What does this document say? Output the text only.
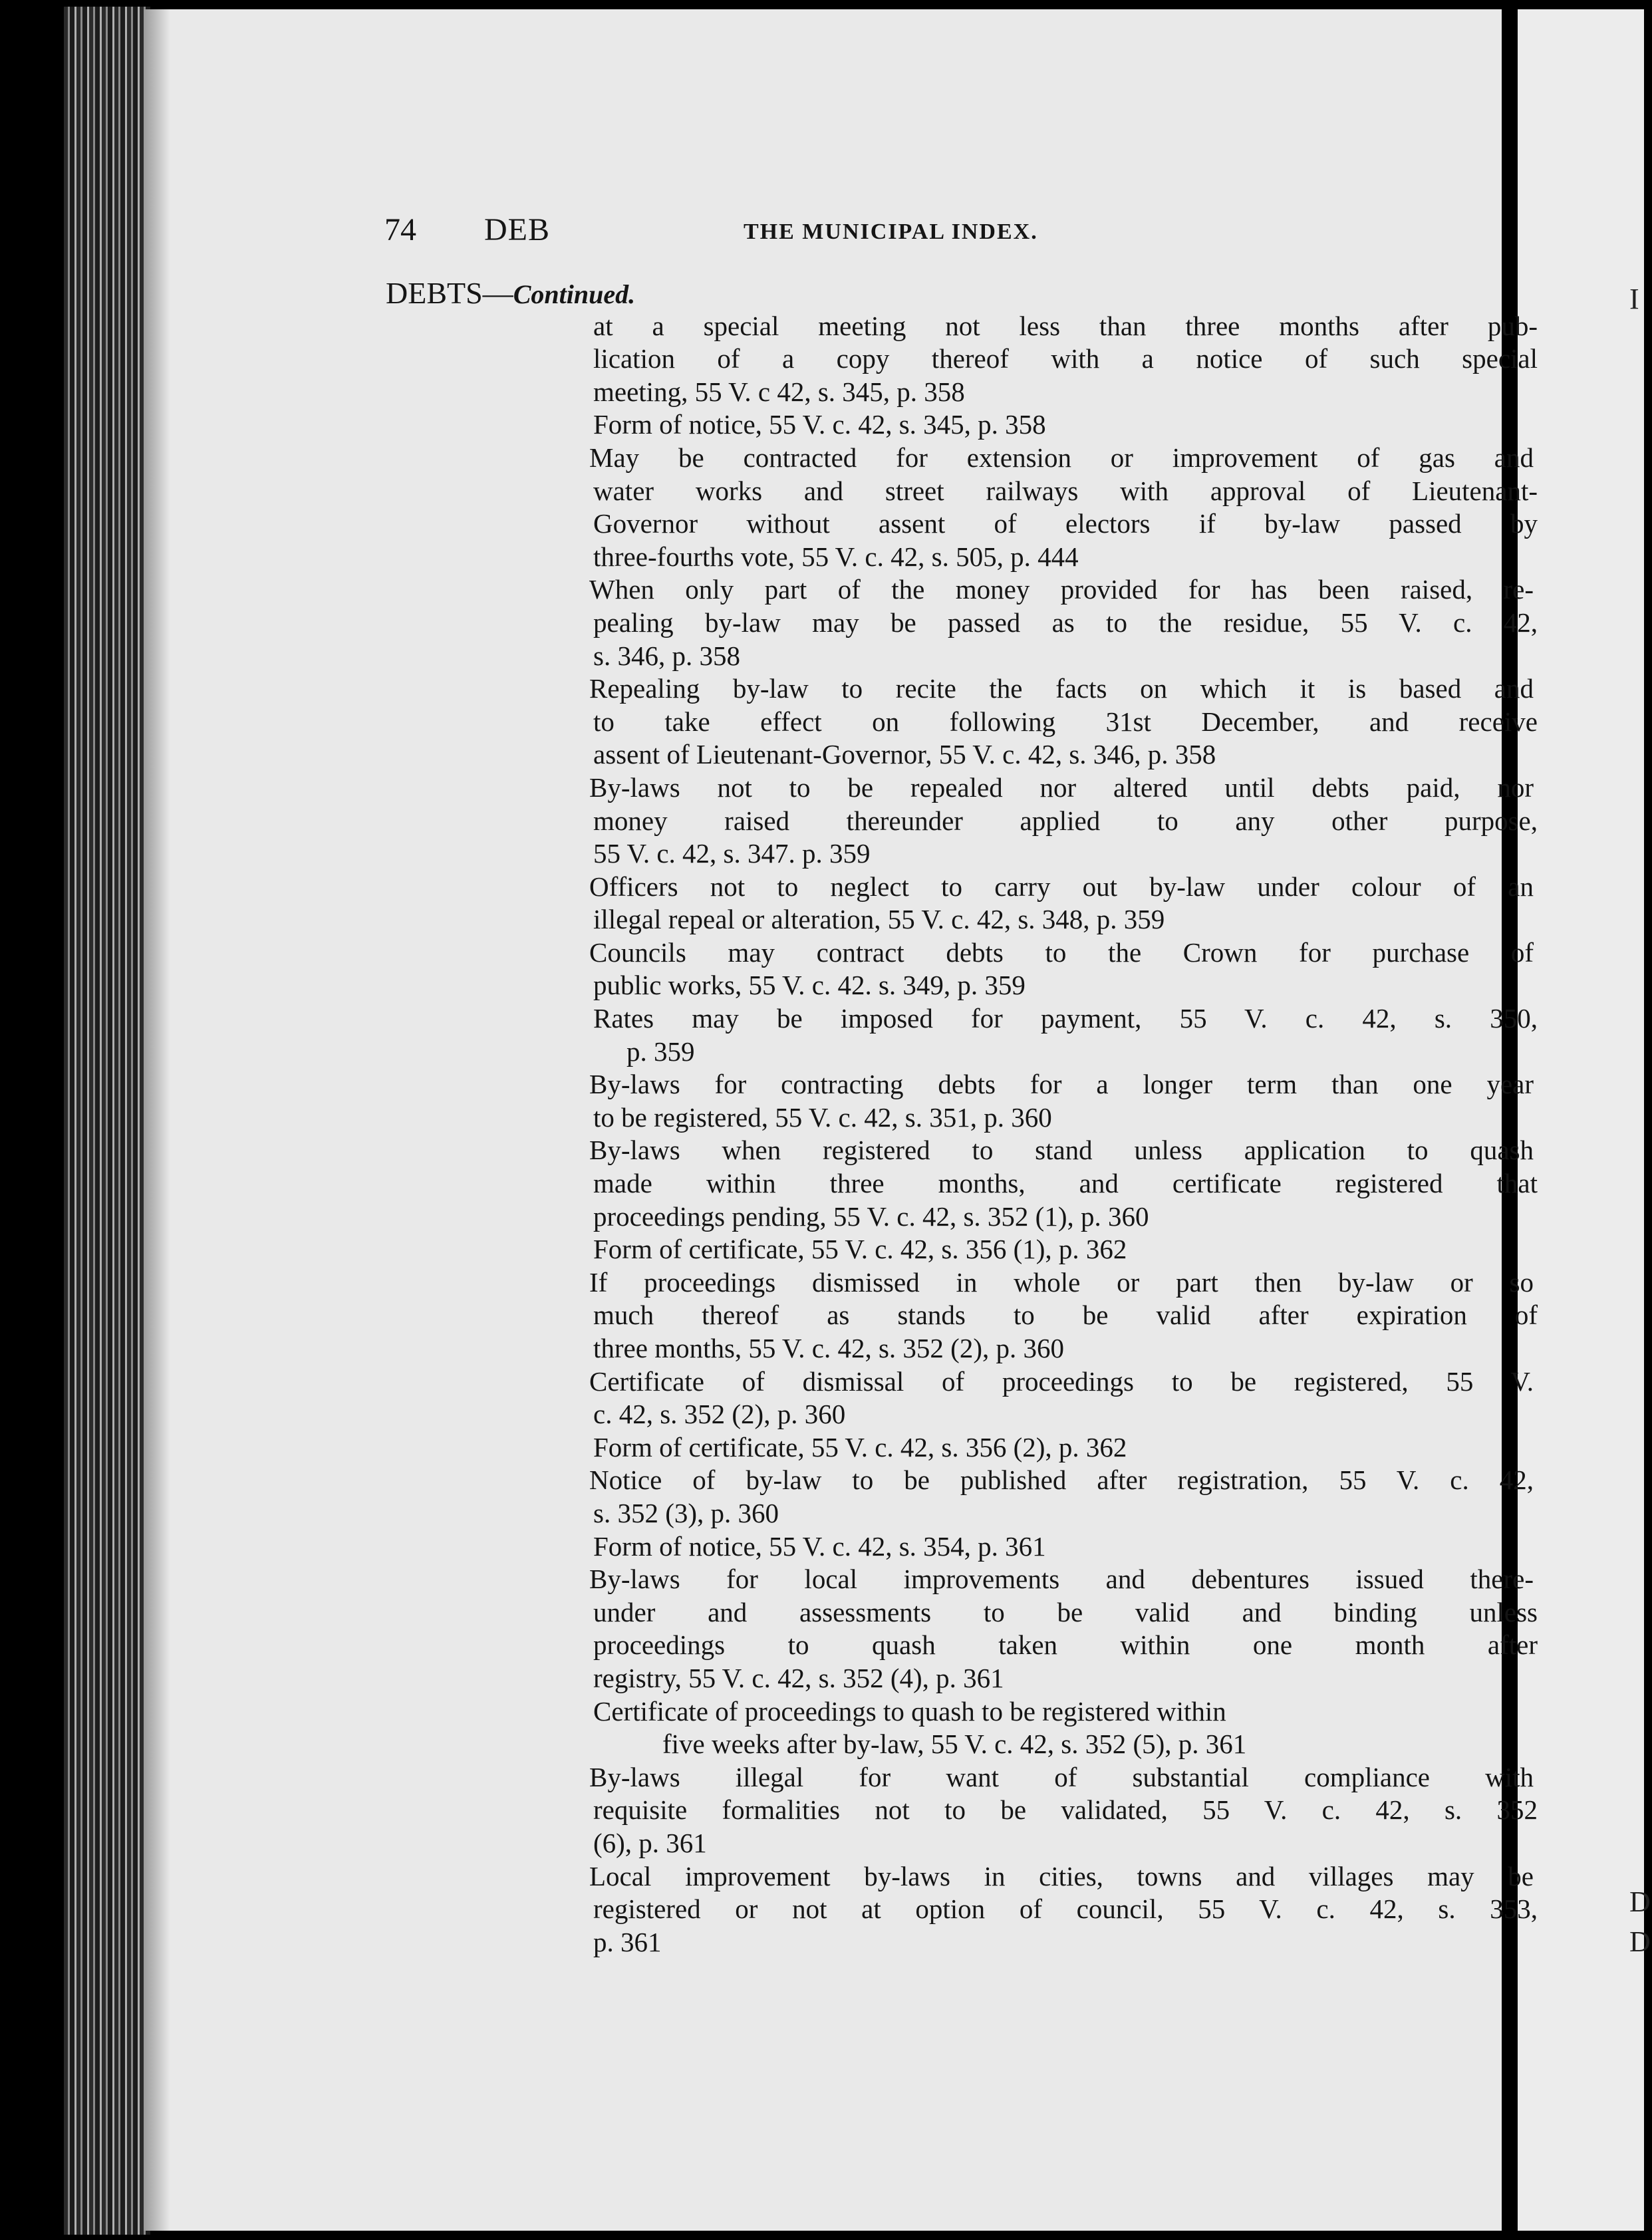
I
D
D
74 DEB	THE MUNICIPAL INDEX.
DEBTS—Continued.
at a special meeting not less than three months after pub-
lication of a copy thereof with a notice of such special
meeting, 55 V. c 42, s. 345, p. 358
Form of notice, 55 V. c. 42, s. 345, p. 358
May be contracted for extension or improvement of gas and
water works and street railways with approval of Lieutenant-
Governor without assent of electors if by-law passed by
three-fourths vote, 55 V. c. 42, s. 505, p. 444
When only part of the money provided for has been raised, re-
pealing by-law may be passed as to the residue, 55 V. c. 42,
s. 346, p. 358
Repealing by-law to recite the facts on which it is based and
to take effect on following 31st December, and receive
assent of Lieutenant-Governor, 55 V. c. 42, s. 346, p. 358
By-laws not to be repealed nor altered until debts paid, nor
money raised thereunder applied to any other purpose,
55 V. c. 42, s. 347. p. 359
Officers not to neglect to carry out by-law under colour of an
illegal repeal or alteration, 55 V. c. 42, s. 348, p. 359
Councils may contract debts to the Crown for purchase of
public works, 55 V. c. 42. s. 349, p. 359
Rates may be imposed for payment, 55 V. c. 42, s. 350,
p. 359
By-laws for contracting debts for a longer term than one year
to be registered, 55 V. c. 42, s. 351, p. 360
By-laws when registered to stand unless application to quash
made within three months, and certificate registered that
proceedings pending, 55 V. c. 42, s. 352 (1), p. 360
Form of certificate, 55 V. c. 42, s. 356 (1), p. 362
If proceedings dismissed in whole or part then by-law or so
much thereof as stands to be valid after expiration of
three months, 55 V. c. 42, s. 352 (2), p. 360
Certificate of dismissal of proceedings to be registered, 55 V.
c. 42, s. 352 (2), p. 360
Form of certificate, 55 V. c. 42, s. 356 (2), p. 362
Notice of by-law to be published after registration, 55 V. c. 42,
s. 352 (3), p. 360
Form of notice, 55 V. c. 42, s. 354, p. 361
By-laws for local improvements and debentures issued there-
under and assessments to be valid and binding unless
proceedings to quash taken within one month after
registry, 55 V. c. 42, s. 352 (4), p. 361
Certificate of proceedings to quash to be registered within
five weeks after by-law, 55 V. c. 42, s. 352 (5), p. 361
By-laws illegal for want of substantial compliance with
requisite formalities not to be validated, 55 V. c. 42, s. 352
(6), p. 361
Local improvement by-laws in cities, towns and villages may be
registered or not at option of council, 55 V. c. 42, s. 353,
p. 361
